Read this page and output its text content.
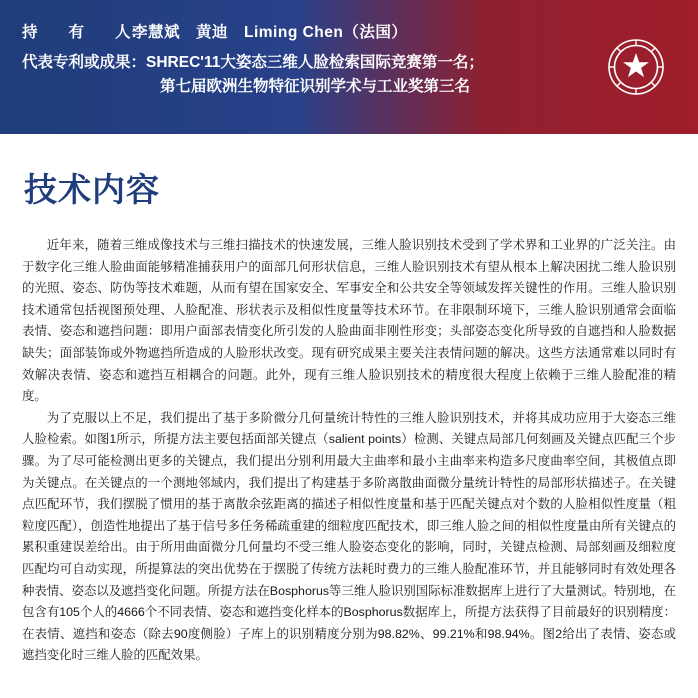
持　　有　　人：
李慧斌　黄迪　Liming Chen（法国）
代表专利或成果： SHREC'11大姿态三维人脸检索国际竞赛第一名；
第七届欧洲生物特征识别学术与工业奖第三名
技术内容

近年来，随着三维成像技术与三维扫描技术的快速发展，三维人脸识别技术受到了学术界和工业界的广泛关注。由于数字化三维人脸曲面能够精准捕获用户的面部几何形状信息，三维人脸识别技术有望从根本上解决困扰二维人脸识别的光照、姿态、防伪等技术难题，从而有望在国家安全、军事安全和公共安全等领域发挥关键性的作用。三维人脸识别技术通常包括视图预处理、人脸配准、形状表示及相似性度量等技术环节。在非限制环境下，三维人脸识别通常会面临表情、姿态和遮挡问题：即用户面部表情变化所引发的人脸曲面非刚性形变；头部姿态变化所导致的自遮挡和人脸数据缺失；面部装饰或外物遮挡所造成的人脸形状改变。现有研究成果主要关注表情问题的解决。这些方法通常难以同时有效解决表情、姿态和遮挡互相耦合的问题。此外，现有三维人脸识别技术的精度很大程度上依赖于三维人脸配准的精度。

为了克服以上不足，我们提出了基于多阶微分几何量统计特性的三维人脸识别技术，并将其成功应用于大姿态三维人脸检索。如图1所示，所提方法主要包括面部关键点（salient points）检测、关键点局部几何刻画及关键点匹配三个步骤。为了尽可能检测出更多的关键点，我们提出分别利用最大主曲率和最小主曲率来构造多尺度曲率空间，其极值点即为关键点。在关键点的一个测地邻域内，我们提出了构建基于多阶离散曲面微分量统计特性的局部形状描述子。在关键点匹配环节，我们摆脱了惯用的基于离散余弦距离的描述子相似性度量和基于匹配关键点对个数的人脸相似性度量（粗粒度匹配），创造性地提出了基于信号多任务稀疏重建的细粒度匹配技术，即三维人脸之间的相似性度量由所有关键点的累积重建误差给出。由于所用曲面微分几何量均不受三维人脸姿态变化的影响，同时，关键点检测、局部刻画及细粒度匹配均可自动实现，所提算法的突出优势在于摆脱了传统方法耗时费力的三维人脸配准环节，并且能够同时有效处理各种表情、姿态以及遮挡变化问题。所提方法在Bosphorus等三维人脸识别国际标准数据库上进行了大量测试。特别地，在包含有105个人的4666个不同表情、姿态和遮挡变化样本的Bosphorus数据库上，所提方法获得了目前最好的识别精度：在表情、遮挡和姿态（除去90度侧脸）子库上的识别精度分别为98.82%、99.21%和98.94%。图2给出了表情、姿态或遮挡变化时三维人脸的匹配效果。
